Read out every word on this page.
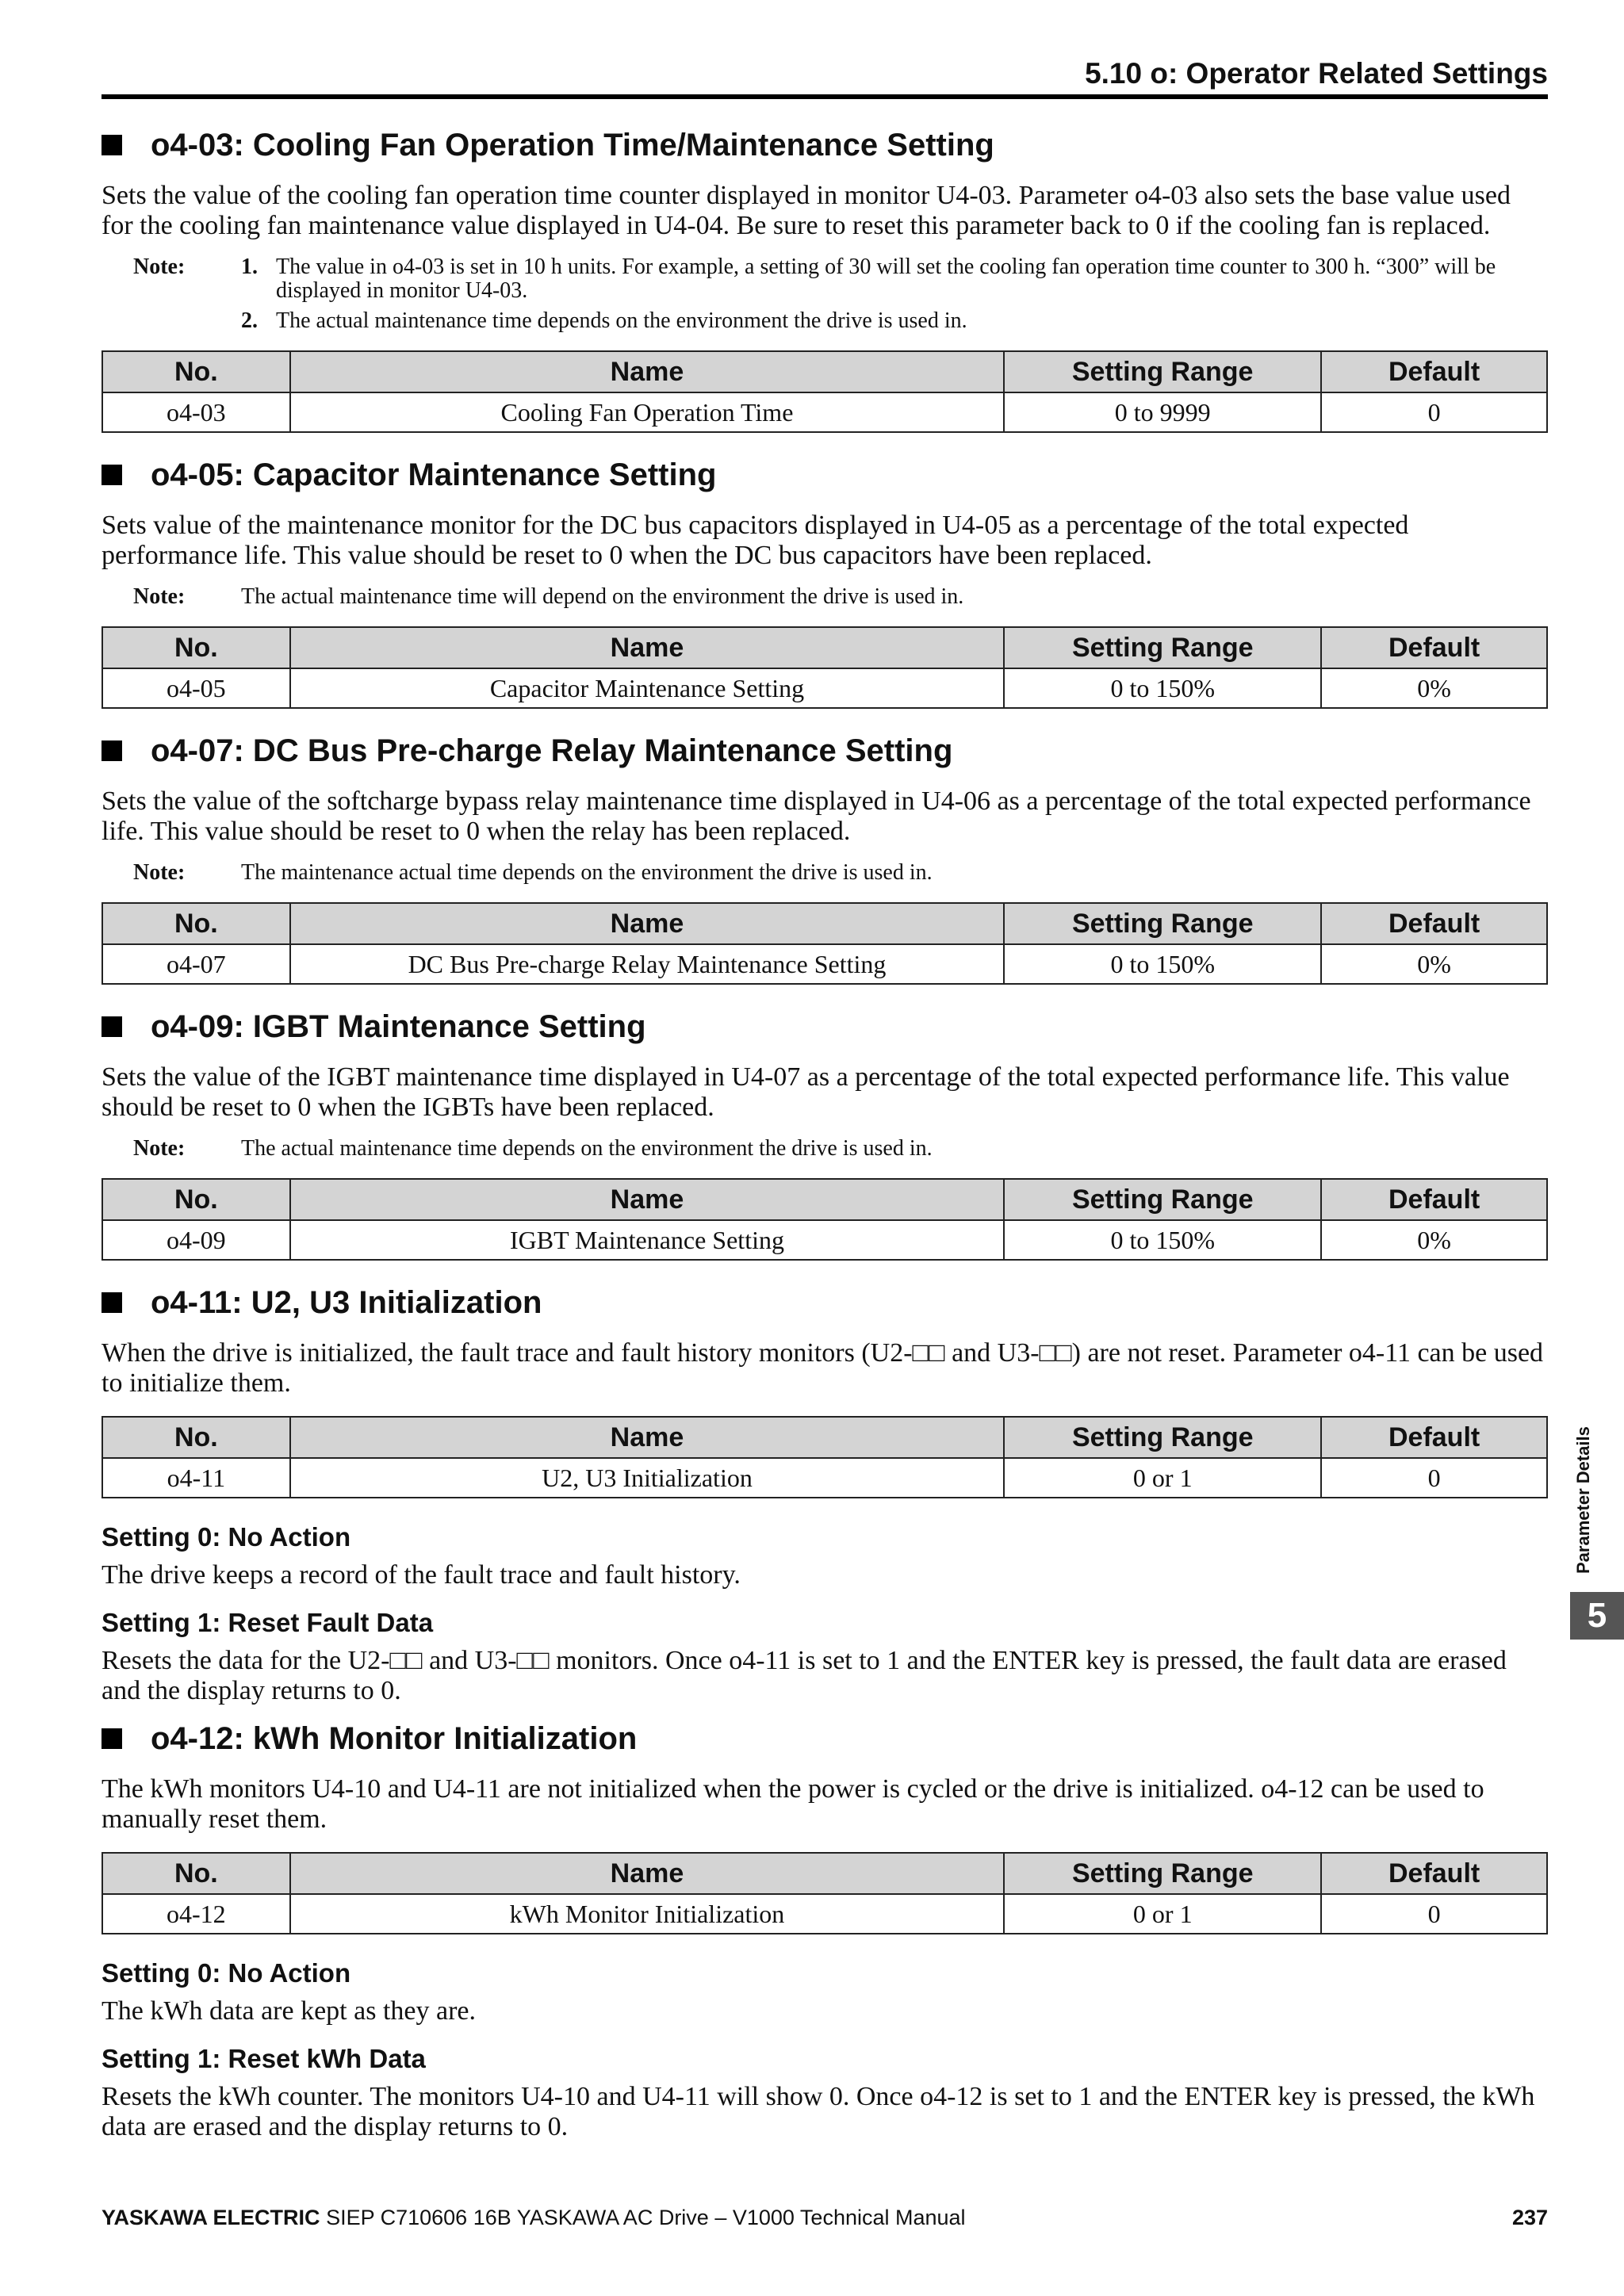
5.10 o: Operator Related Settings
o4-03: Cooling Fan Operation Time/Maintenance Setting

Sets the value of the cooling fan operation time counter displayed in monitor U4-03. Parameter o4-03 also sets the base value used for the cooling fan maintenance value displayed in U4-04. Be sure to reset this parameter back to 0 if the cooling fan is replaced.

Note:	1. The value in o4-03 is set in 10 h units. For example, a setting of 30 will set the cooling fan operation time counter to 300 h. “300” will be displayed in monitor U4-03.
2. The actual maintenance time depends on the environment the drive is used in.
No.	Name	Setting Range	Default
o4-03	Cooling Fan Operation Time	0 to 9999	0
o4-05: Capacitor Maintenance Setting

Sets value of the maintenance monitor for the DC bus capacitors displayed in U4-05 as a percentage of the total expected performance life. This value should be reset to 0 when the DC bus capacitors have been replaced.

Note:	The actual maintenance time will depend on the environment the drive is used in.
No.	Name	Setting Range	Default
o4-05	Capacitor Maintenance Setting	0 to 150%	0%
o4-07: DC Bus Pre-charge Relay Maintenance Setting

Sets the value of the softcharge bypass relay maintenance time displayed in U4-06 as a percentage of the total expected performance life. This value should be reset to 0 when the relay has been replaced.

Note:	The maintenance actual time depends on the environment the drive is used in.
No.	Name	Setting Range	Default
o4-07	DC Bus Pre-charge Relay Maintenance Setting	0 to 150%	0%
o4-09: IGBT Maintenance Setting

Sets the value of the IGBT maintenance time displayed in U4-07 as a percentage of the total expected performance life. This value should be reset to 0 when the IGBTs have been replaced.

Note:	The actual maintenance time depends on the environment the drive is used in.
No.	Name	Setting Range	Default
o4-09	IGBT Maintenance Setting	0 to 150%	0%
o4-11: U2, U3 Initialization

When the drive is initialized, the fault trace and fault history monitors (U2-□□ and U3-□□) are not reset. Parameter o4-11 can be used to initialize them.

No.	Name	Setting Range	Default
o4-11	U2, U3 Initialization	0 or 1	0
Setting 0: No Action

The drive keeps a record of the fault trace and fault history.

Setting 1: Reset Fault Data

Resets the data for the U2-□□ and U3-□□ monitors. Once o4-11 is set to 1 and the ENTER key is pressed, the fault data are erased and the display returns to 0.

o4-12: kWh Monitor Initialization

The kWh monitors U4-10 and U4-11 are not initialized when the power is cycled or the drive is initialized. o4-12 can be used to manually reset them.

No.	Name	Setting Range	Default
o4-12	kWh Monitor Initialization	0 or 1	0
Setting 0: No Action

The kWh data are kept as they are.

Setting 1: Reset kWh Data

Resets the kWh counter. The monitors U4-10 and U4-11 will show 0. Once o4-12 is set to 1 and the ENTER key is pressed, the kWh data are erased and the display returns to 0.

Parameter Details
5
YASKAWA ELECTRIC SIEP C710606 16B YASKAWA AC Drive – V1000 Technical Manual	237
